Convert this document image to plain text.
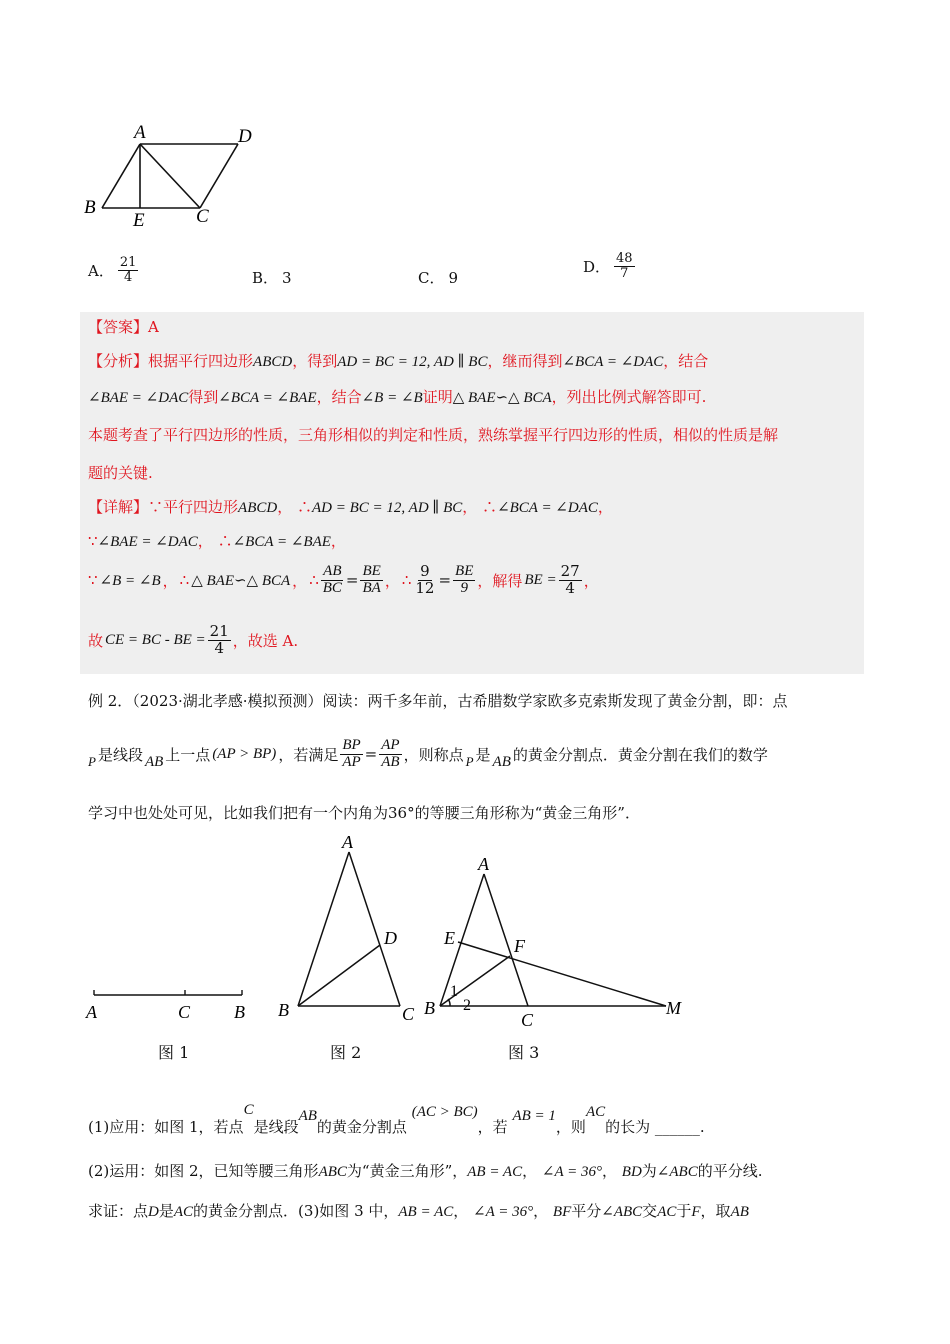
A	D
B
E	C
A． $\frac{21}{4}$	B． 3	C． 9
D． $\frac{48}{7}$
【答案】A
【分析】根据平行四边形ABCD，得到AD = BC = 12, AD ∥ BC，继而得到∠BCA = ∠DAC，结合
∠BAE = ∠DAC得到∠BCA = ∠BAE，结合∠B = ∠B证明△ BAE∽△ BCA，列出比例式解答即可.
本题考查了平行四边形的性质，三角形相似的判定和性质，熟练掌握平行四边形的性质，相似的性质是解
题的关键.
【详解】∵平行四边形ABCD， ∴AD = BC = 12, AD ∥ BC， ∴∠BCA = ∠DAC，
∵∠BAE = ∠DAC， ∴∠BCA = ∠BAE，
∵ ∠B = ∠B ， ∴ △ BAE∽△ BCA ， ∴ $\frac{AB}{BC} = \frac{BE}{BA}$ ， ∴ $\frac{9}{12} = \frac{BE}{9}$ ，解得 BE = $\frac{27}{4}$ ，
故 CE = BC - BE = $\frac{21}{4}$ ，故选 A.
例 2．（2023·湖北孝感·模拟预测）阅读：两千多年前，古希腊数学家欧多克索斯发现了黄金分割，即：点
P 是线段 AB 上一点 (AP > BP) ，若满足 $\frac{BP}{AP} = \frac{AP}{AB}$ ，则称点 P 是 AB 的黄金分割点．黄金分割在我们的数学
学习中也处处可见，比如我们把有一个内角为36°的等腰三角形称为“黄金三角形”．
A	C B
图 1
A
D
B	C
图 2
A
E	F
B
C
M
1
2
图 3
(1)应用：如图 1，若点C是线段AB的黄金分割点 (AC > BC)，若 AB = 1，则AC的长为 ______.
(2)运用：如图 2，已知等腰三角形ABC为“黄金三角形”，AB = AC， ∠A = 36°， BD为∠ABC的平分线.
求证：点D是AC的黄金分割点．(3)如图 3 中，AB = AC， ∠A = 36°， BF平分∠ABC交AC于F，取AB
